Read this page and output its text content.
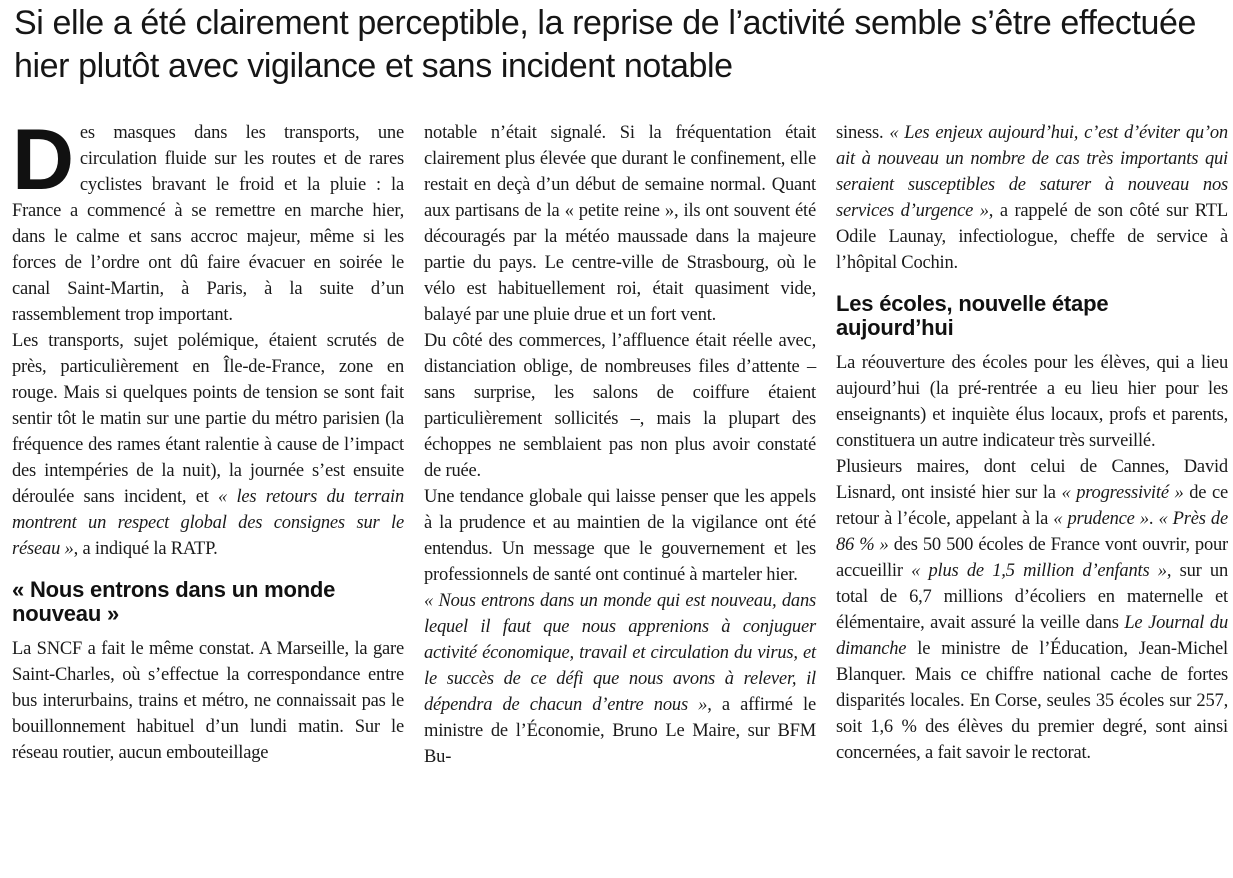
Si elle a été clairement perceptible, la reprise de l’activité semble s’être effectuée hier plutôt avec vigilance et sans incident notable

Des masques dans les transports, une circulation fluide sur les routes et de rares cyclistes bravant le froid et la pluie : la France a commencé à se remettre en marche hier, dans le calme et sans accroc majeur, même si les forces de l’ordre ont dû faire évacuer en soirée le canal Saint-Martin, à Paris, à la suite d’un rassemblement trop important.

Les transports, sujet polémique, étaient scrutés de près, particulièrement en Île-de-France, zone en rouge. Mais si quelques points de tension se sont fait sentir tôt le matin sur une partie du métro parisien (la fréquence des rames étant ralentie à cause de l’impact des intempéries de la nuit), la journée s’est ensuite déroulée sans incident, et « les retours du terrain montrent un respect global des consignes sur le réseau », a indiqué la RATP.

« Nous entrons dans un monde nouveau »

La SNCF a fait le même constat. A Marseille, la gare Saint-Charles, où s’effectue la correspondance entre bus interurbains, trains et métro, ne connaissait pas le bouillonnement habituel d’un lundi matin. Sur le réseau routier, aucun embouteillage

notable n’était signalé. Si la fréquentation était clairement plus élevée que durant le confinement, elle restait en deçà d’un début de semaine normal. Quant aux partisans de la « petite reine », ils ont souvent été découragés par la météo maussade dans la majeure partie du pays. Le centre-ville de Strasbourg, où le vélo est habituellement roi, était quasiment vide, balayé par une pluie drue et un fort vent.

Du côté des commerces, l’affluence était réelle avec, distanciation oblige, de nombreuses files d’attente – sans surprise, les salons de coiffure étaient particulièrement sollicités –, mais la plupart des échoppes ne semblaient pas non plus avoir constaté de ruée.

Une tendance globale qui laisse penser que les appels à la prudence et au maintien de la vigilance ont été entendus. Un message que le gouvernement et les professionnels de santé ont continué à marteler hier.

« Nous entrons dans un monde qui est nouveau, dans lequel il faut que nous apprenions à conjuguer activité économique, travail et circulation du virus, et le succès de ce défi que nous avons à relever, il dépendra de chacun d’entre nous », a affirmé le ministre de l’Économie, Bruno Le Maire, sur BFM Bu-

siness. « Les enjeux aujourd’hui, c’est d’éviter qu’on ait à nouveau un nombre de cas très importants qui seraient susceptibles de saturer à nouveau nos services d’urgence », a rappelé de son côté sur RTL Odile Launay, infectiologue, cheffe de service à l’hôpital Cochin.

Les écoles, nouvelle étape aujourd’hui

La réouverture des écoles pour les élèves, qui a lieu aujourd’hui (la pré-rentrée a eu lieu hier pour les enseignants) et inquiète élus locaux, profs et parents, constituera un autre indicateur très surveillé.

Plusieurs maires, dont celui de Cannes, David Lisnard, ont insisté hier sur la « progressivité » de ce retour à l’école, appelant à la « prudence ». « Près de 86 % » des 50 500 écoles de France vont ouvrir, pour accueillir « plus de 1,5 million d’enfants », sur un total de 6,7 millions d’écoliers en maternelle et élémentaire, avait assuré la veille dans Le Journal du dimanche le ministre de l’Éducation, Jean-Michel Blanquer. Mais ce chiffre national cache de fortes disparités locales. En Corse, seules 35 écoles sur 257, soit 1,6 % des élèves du premier degré, sont ainsi concernées, a fait savoir le rectorat.
